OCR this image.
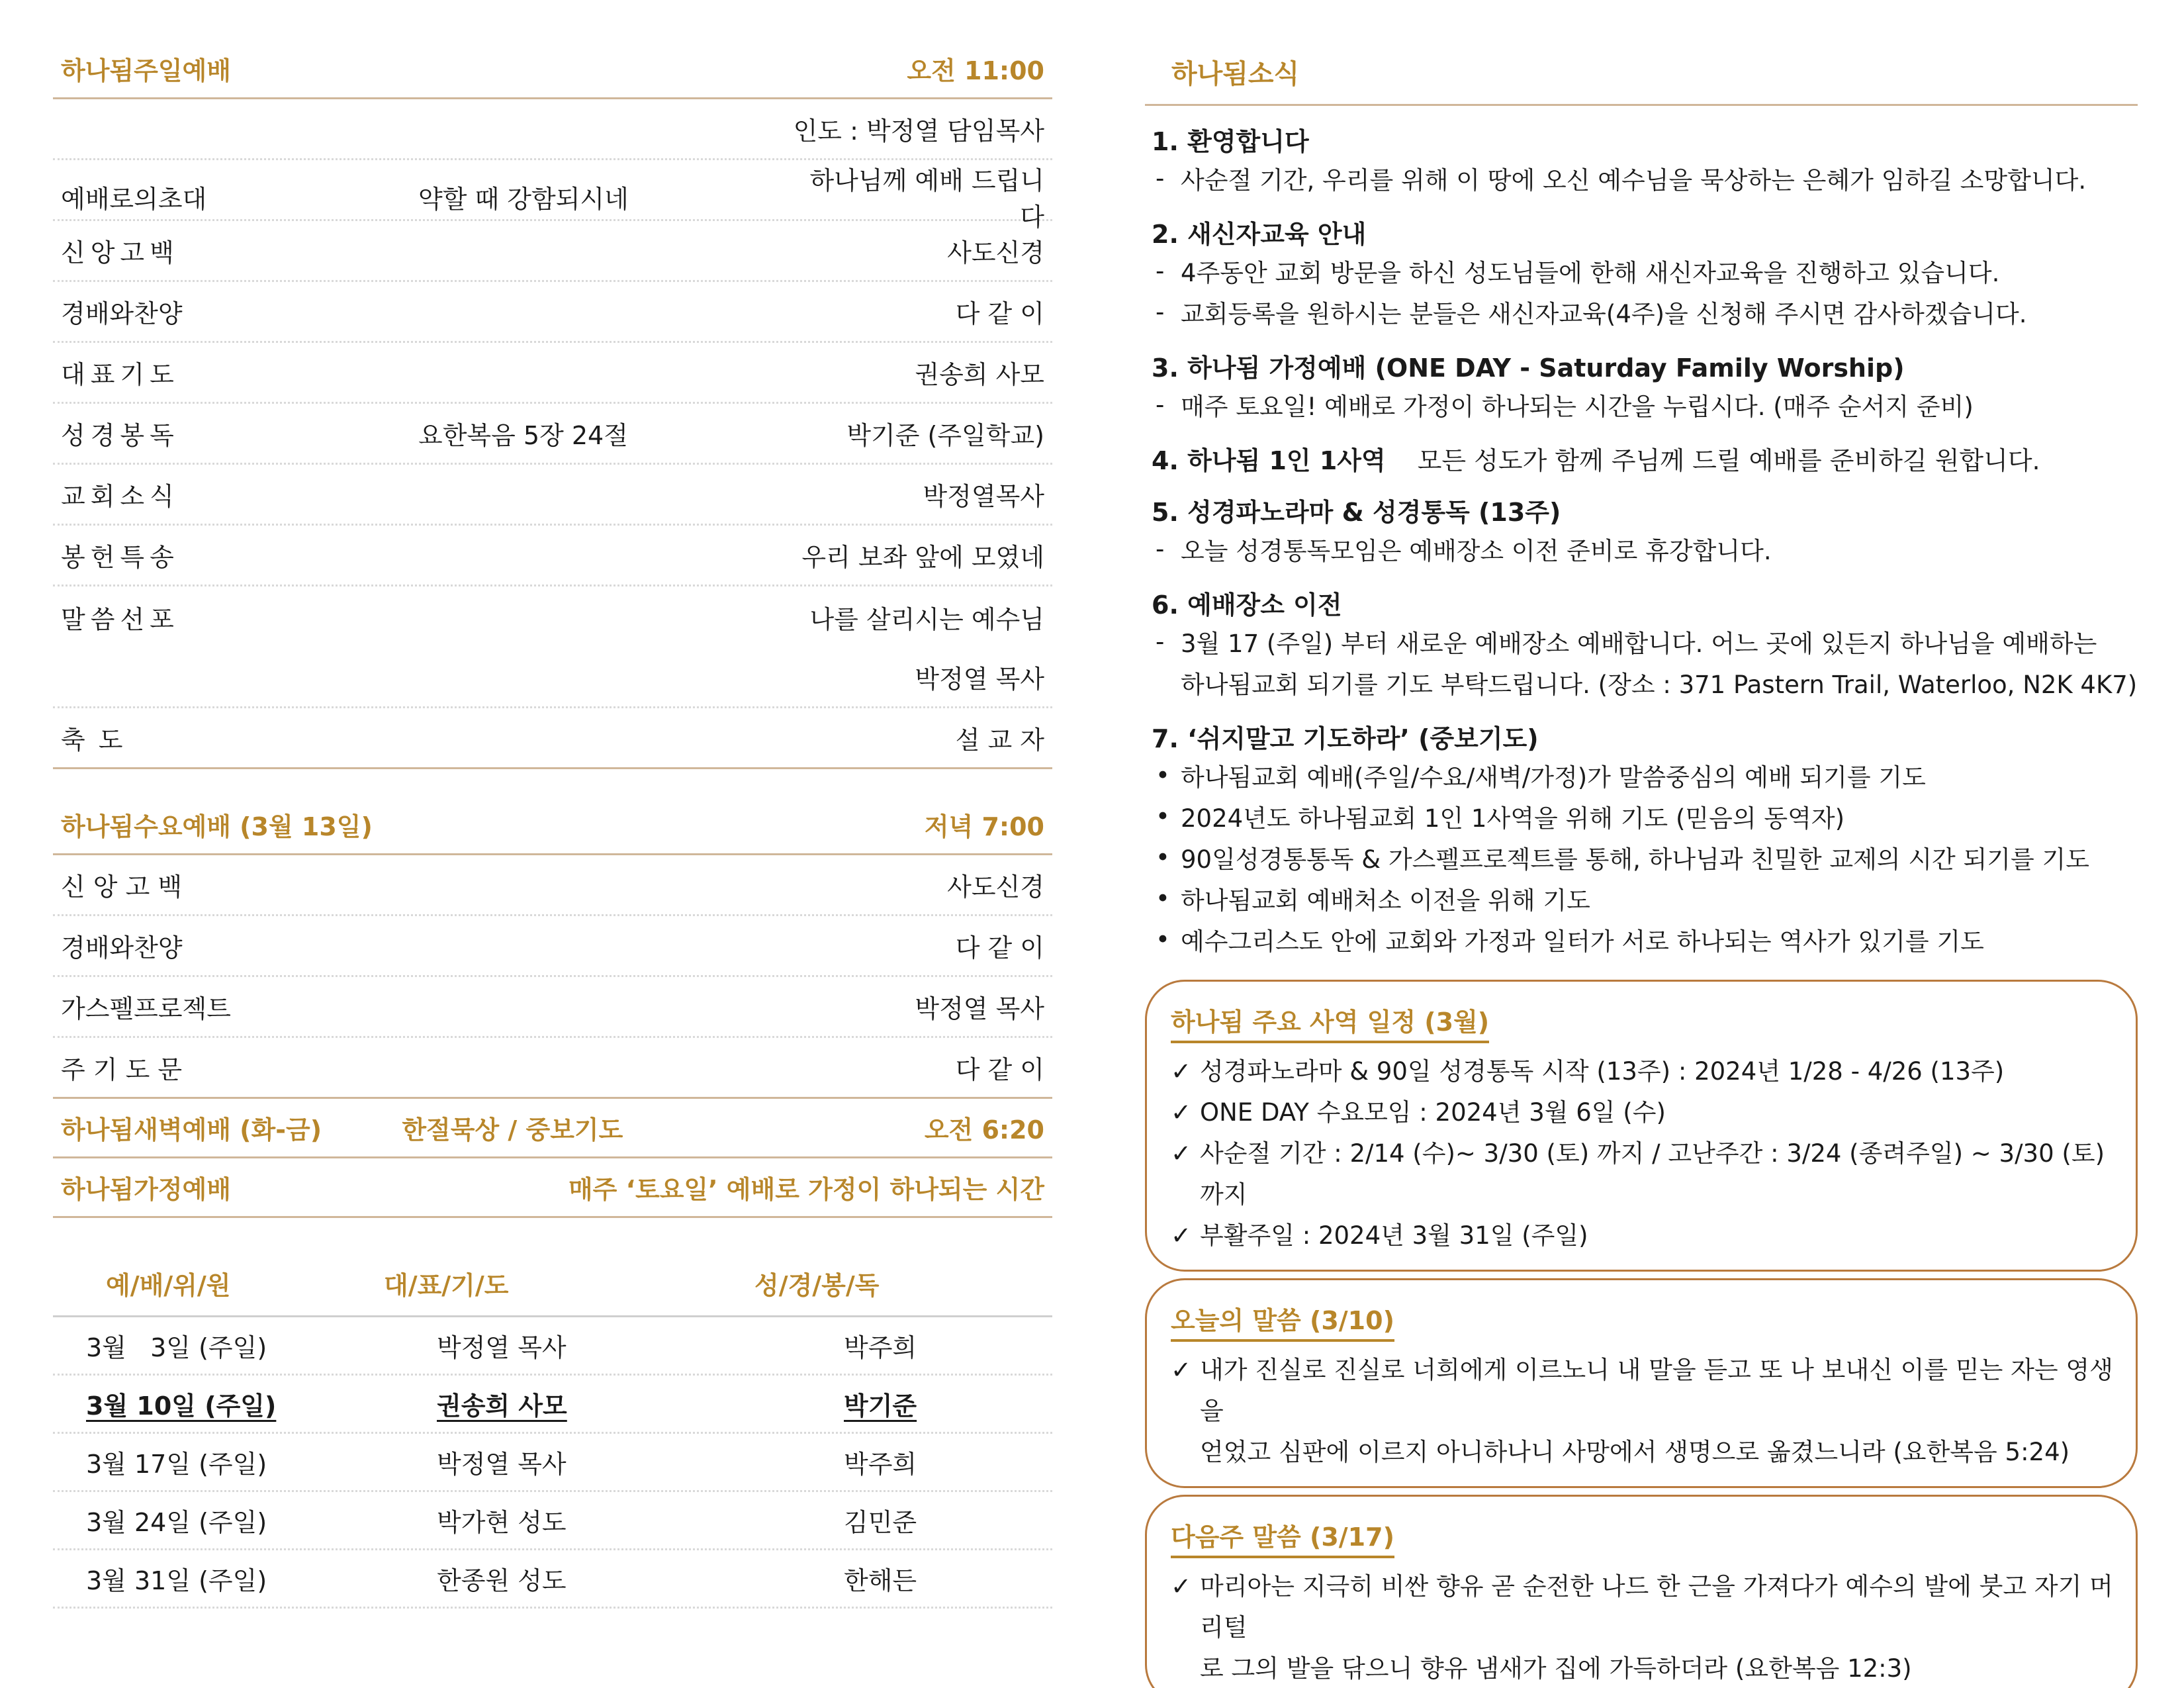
하나됨주일예배	오전 11:00
인도 : 박정열 담임목사
예배로의초대	약할 때 강함되시네
하나님께 예배 드립니다
신앙고백	사도신경
경배와찬양	다 같 이
대표기도	권송희 사모
성경봉독	요한복음 5장 24절	박기준 (주일학교)
교회소식	박정열목사
봉헌특송	우리 보좌 앞에 모였네
말씀선포	나를 살리시는 예수님
박정열 목사
축 도	설 교 자
하나됨수요예배 (3월 13일)	저녁 7:00
신 앙 고 백	사도신경
경배와찬양	다 같 이
가스펠프로젝트	박정열 목사
주 기 도 문	다 같 이
하나됨새벽예배 (화-금)	한절묵상 / 중보기도	오전 6:20
하나됨가정예배	매주 ‘토요일’ 예배로 가정이 하나되는 시간
예/배/위/원	대/표/기/도	성/경/봉/독
3월   3일 (주일)	박정열 목사	박주희
3월 10일 (주일)	권송희 사모	박기준
3월 17일 (주일)	박정열 목사	박주희
3월 24일 (주일)	박가현 성도	김민준
3월 31일 (주일)	한종원 성도	한해든
하나됨소식
1. 환영합니다
- 사순절 기간, 우리를 위해 이 땅에 오신 예수님을 묵상하는 은혜가 임하길 소망합니다.
2. 새신자교육 안내
- 4주동안 교회 방문을 하신 성도님들에 한해 새신자교육을 진행하고 있습니다.
- 교회등록을 원하시는 분들은 새신자교육(4주)을 신청해 주시면 감사하겠습니다.
3. 하나됨 가정예배 (ONE DAY - Saturday Family Worship)
- 매주 토요일! 예배로 가정이 하나되는 시간을 누립시다. (매주 순서지 준비)
4. 하나됨 1인 1사역 모든 성도가 함께 주님께 드릴 예배를 준비하길 원합니다.
5. 성경파노라마 & 성경통독 (13주)
- 오늘 성경통독모임은 예배장소 이전 준비로 휴강합니다.
6. 예배장소 이전
- 3월 17 (주일) 부터 새로운 예배장소 예배합니다. 어느 곳에 있든지 하나님을 예배하는
하나됨교회 되기를 기도 부탁드립니다. (장소 : 371 Pastern Trail, Waterloo, N2K 4K7)
7. ‘쉬지말고 기도하라’ (중보기도)
• 하나됨교회 예배(주일/수요/새벽/가정)가 말씀중심의 예배 되기를 기도
• 2024년도 하나됨교회 1인 1사역을 위해 기도 (믿음의 동역자)
• 90일성경통통독 & 가스펠프로젝트를 통해, 하나님과 친밀한 교제의 시간 되기를 기도
• 하나됨교회 예배처소 이전을 위해 기도
• 예수그리스도 안에 교회와 가정과 일터가 서로 하나되는 역사가 있기를 기도
하나됨 주요 사역 일정 (3월)
✓ 성경파노라마 & 90일 성경통독 시작 (13주) : 2024년 1/28 - 4/26 (13주)
✓ ONE DAY 수요모임 : 2024년 3월 6일 (수)
✓ 사순절 기간 : 2/14 (수)~ 3/30 (토) 까지 / 고난주간 : 3/24 (종려주일) ~ 3/30 (토) 까지
✓ 부활주일 : 2024년 3월 31일 (주일)
오늘의 말씀 (3/10)
✓ 내가 진실로 진실로 너희에게 이르노니 내 말을 듣고 또 나 보내신 이를 믿는 자는 영생을
얻었고 심판에 이르지 아니하나니 사망에서 생명으로 옮겼느니라 (요한복음 5:24)
다음주 말씀 (3/17)
✓ 마리아는 지극히 비싼 향유 곧 순전한 나드 한 근을 가져다가 예수의 발에 붓고 자기 머리털
로 그의 발을 닦으니 향유 냄새가 집에 가득하더라 (요한복음 12:3)
